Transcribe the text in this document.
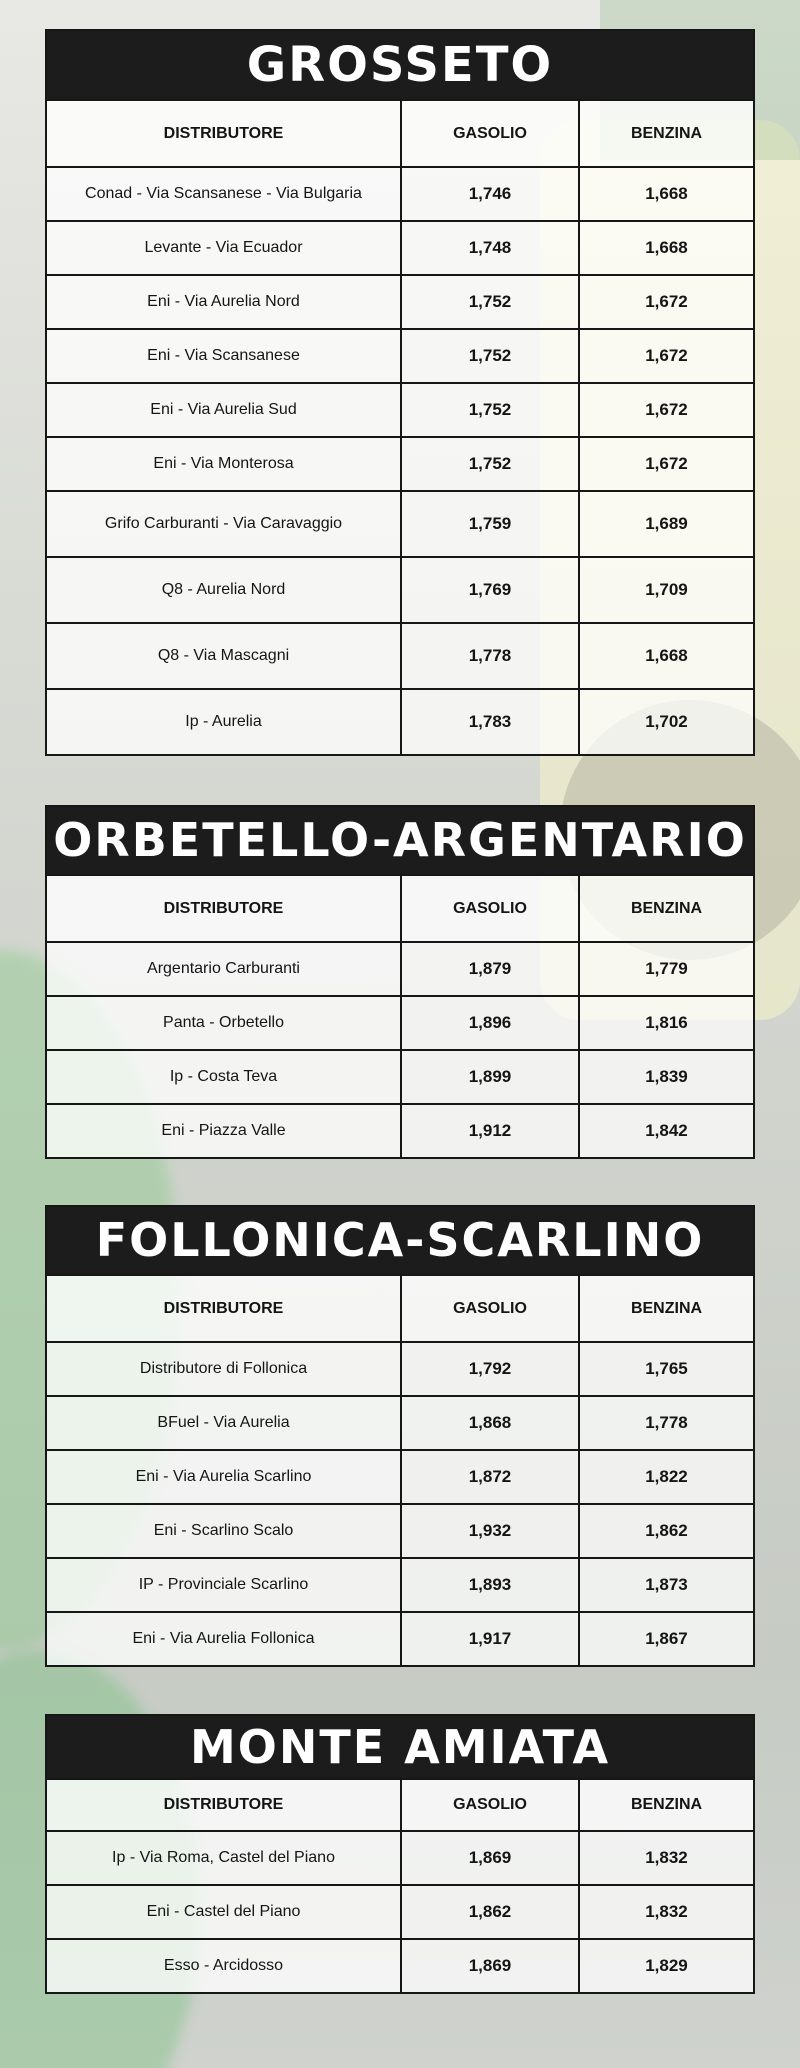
GROSSETO
DISTRIBUTORE	GASOLIO	BENZINA
Conad - Via Scansanese - Via Bulgaria	1,746	1,668
Levante - Via Ecuador	1,748	1,668
Eni - Via Aurelia Nord	1,752	1,672
Eni - Via Scansanese	1,752	1,672
Eni - Via Aurelia Sud	1,752	1,672
Eni - Via Monterosa	1,752	1,672
Grifo Carburanti - Via Caravaggio	1,759	1,689
Q8 - Aurelia Nord	1,769	1,709
Q8 - Via Mascagni	1,778	1,668
Ip - Aurelia	1,783	1,702
ORBETELLO-ARGENTARIO
DISTRIBUTORE	GASOLIO	BENZINA
Argentario Carburanti	1,879	1,779
Panta - Orbetello	1,896	1,816
Ip - Costa Teva	1,899	1,839
Eni - Piazza Valle	1,912	1,842
FOLLONICA-SCARLINO
DISTRIBUTORE	GASOLIO	BENZINA
Distributore di Follonica	1,792	1,765
BFuel - Via Aurelia	1,868	1,778
Eni - Via Aurelia Scarlino	1,872	1,822
Eni - Scarlino Scalo	1,932	1,862
IP - Provinciale Scarlino	1,893	1,873
Eni - Via Aurelia Follonica	1,917	1,867
MONTE AMIATA
DISTRIBUTORE	GASOLIO	BENZINA
Ip - Via Roma, Castel del Piano	1,869	1,832
Eni - Castel del Piano	1,862	1,832
Esso - Arcidosso	1,869	1,829
